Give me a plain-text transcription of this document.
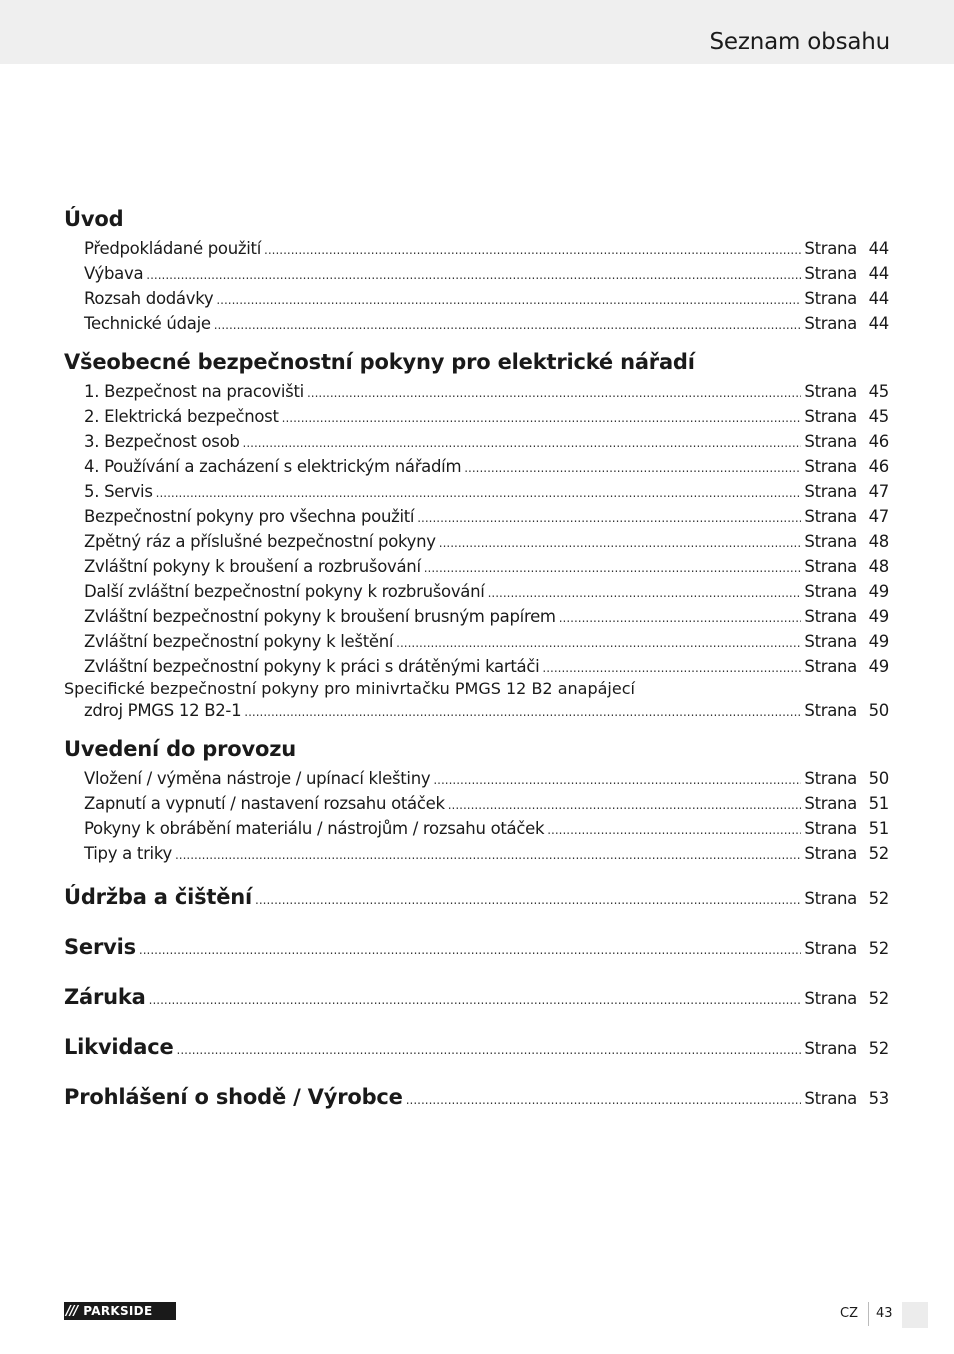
Seznam obsahu
Úvod
Předpokládané použití .....	Strana 44
Výbava .....	Strana 44
Rozsah dodávky .....	Strana 44
Technické údaje .....	Strana 44
Všeobecné bezpečnostní pokyny pro elektrické nářadí
1. Bezpečnost na pracovišti .....	Strana 45
2. Elektrická bezpečnost .....	Strana 45
3. Bezpečnost osob .....	Strana 46
4. Používání a zacházení s elektrickým nářadím .....	Strana 46
5. Servis .....	Strana 47
Bezpečnostní pokyny pro všechna použití .....	Strana 47
Zpětný ráz a příslušné bezpečnostní pokyny .....	Strana 48
Zvláštní pokyny k broušení a rozbrušování .....	Strana 48
Další zvláštní bezpečnostní pokyny k rozbrušování .....	Strana 49
Zvláštní bezpečnostní pokyny k broušení brusným papírem .....	Strana 49
Zvláštní bezpečnostní pokyny k leštění .....	Strana 49
Zvláštní bezpečnostní pokyny k práci s drátěnými kartáči .....	Strana 49
Specifické bezpečnostní pokyny pro minivrtačku PMGS 12 B2 anapájecí
zdroj PMGS 12 B2-1 .....	Strana 50
Uvedení do provozu
Vložení / výměna nástroje / upínací kleštiny .....	Strana 50
Zapnutí a vypnutí / nastavení rozsahu otáček .....	Strana 51
Pokyny k obrábění materiálu / nástrojům / rozsahu otáček .....	Strana 51
Tipy a triky .....	Strana 52
Údržba a čištění .....	Strana 52
Servis .....	Strana 52
Záruka .....	Strana 52
Likvidace .....	Strana 52
Prohlášení o shodě / Výrobce .....	Strana 53
/// PARKSIDE	CZ 43
